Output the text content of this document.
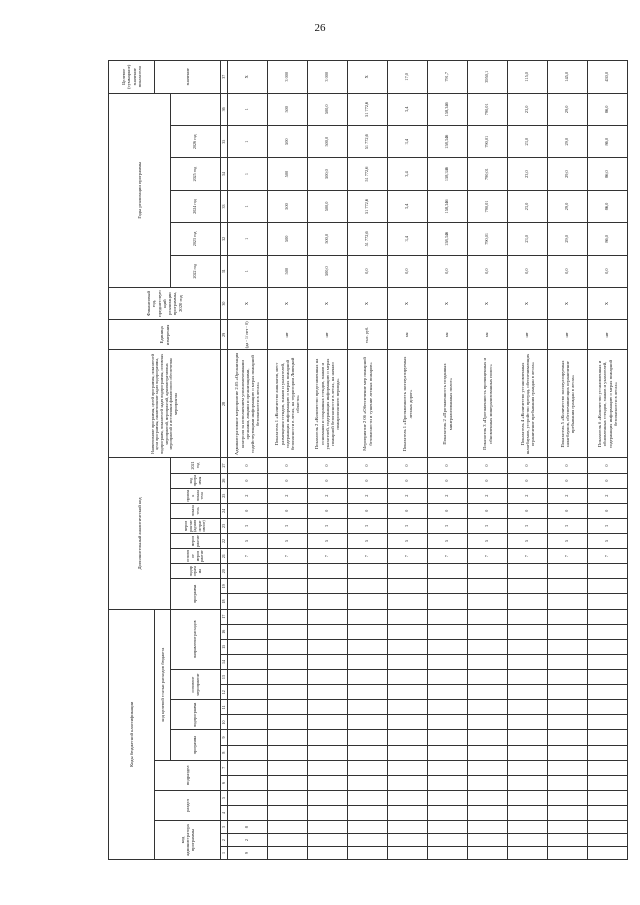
26
Коды бюджетной классификации																	Дополнительный аналитический код										Наименование программы, целей программы, показателей цели программы, наименование задач подпрограммы, подпрограмм, показателей задач подпрограммы, основных мероприятий, мероприятий, административных мероприятий и источников финансового обеспечения мероприятия	Единица измерения	Финансовый год, предшествующий реализации программы, 2020 год	Годы реализации программы						Целевое (суммарное) значение показателя
код администратора программы			раздел		подраздел		код целевой статьи расходов бюджета																													значение
							программа		подпрограмма		основное мероприятие		направление расходов				программа		подпрограмма	основное мероприятие	мероприятие	мероприятие (административное)	показатель	признак показателя	код программы	2021 год				2022 год	2023 год	2024 год	2025 год	2026 год		
1	2	3	4	5	6	7	8	9	10	11	12	13	14	15	16	17	18	19	20	21	22	23	24	25	26	27	28	29	30	31	32	33	34	35	36	37
9	2	8																		7	5	3	0	2	0	0	Административное мероприятие 2.05 «Организация контроля за исполнением уполномоченными органами, лицами и организациями, содействующими информацию о мерах пожарной безопасности в лесах»	(да - 1/ нет - 0)	X	1	1	1	1	1	1	X
																				7	5	3	0	2	0	0	Показатель 1 «Количество аншлагов, мест размещения стендов, знаков и указателей, содержащих информацию о мерах пожарной безопасности в лесах, на территории Липецкой области»	шт	X	500	500	500	500	500	500	3 000
																				7	5	3	0	2	0	0	Показатель 2 «Количество представленных на основании и сохранных стендов, знаков и указателей, содержащих информацию о мерах пожарной безопасности в лесах, на начало пожароопасного периода»	шт	X	500,0	500,0	500,0	500,0	500,0	500,0	3 000
																				7	5	3	0	2	0	0	Мероприятие 2 06 «Обеспечение мер пожарной безопасности и тушение лесных пожаров»	тыс. руб.	X	0,0	51 772,6	51 772,6	51 772,6	51 772,6	51 772,6	X
																				7	5	3	0	2	0	0	Показатель 1 «Протяженность эксплуатируемых лесных дорог»	км	X	0,0	3,4	3,4	3,4	3,4	3,4	17,0
																				7	5	3	0	2	0	0	Показатель 2 «Протяженность созданных минерализованных полос»	км	X	0,0	158,346	158,346	158,346	158,346	158,346	791,7
																				7	5	3	0	2	0	0	Показатель 3 «Протяженность прочищенных и обновленных минерализованных полос»	км	X	0,0	790,01	790,01	790,01	790,01	790,01	3950,1
																				7	5	3	0	2	0	0	Показатель 4 «Количество установленных шлагбаумов, устройство преград, обеспечивающих ограничение пребывания граждан в лесах»	шт	X	0,0	23,0	23,0	23,0	23,0	23,0	115,0
																				7	5	3	0	2	0	0	Показатель 5 «Количество эксплуатируемых шлагбаумов, обеспечивающих ограничение пребывания граждан в лесах»	шт	X	0,0	29,0	29,0	29,0	29,0	29,0	145,0
																				7	5	3	0	2	0	0	Показатель 6 «Количество установленных и обновленных стендов, знаков и указателей, содержащих информацию о мерах пожарной безопасности в лесах»	шт	X	0,0	86,0	86,0	86,0	86,0	86,0	430,0
